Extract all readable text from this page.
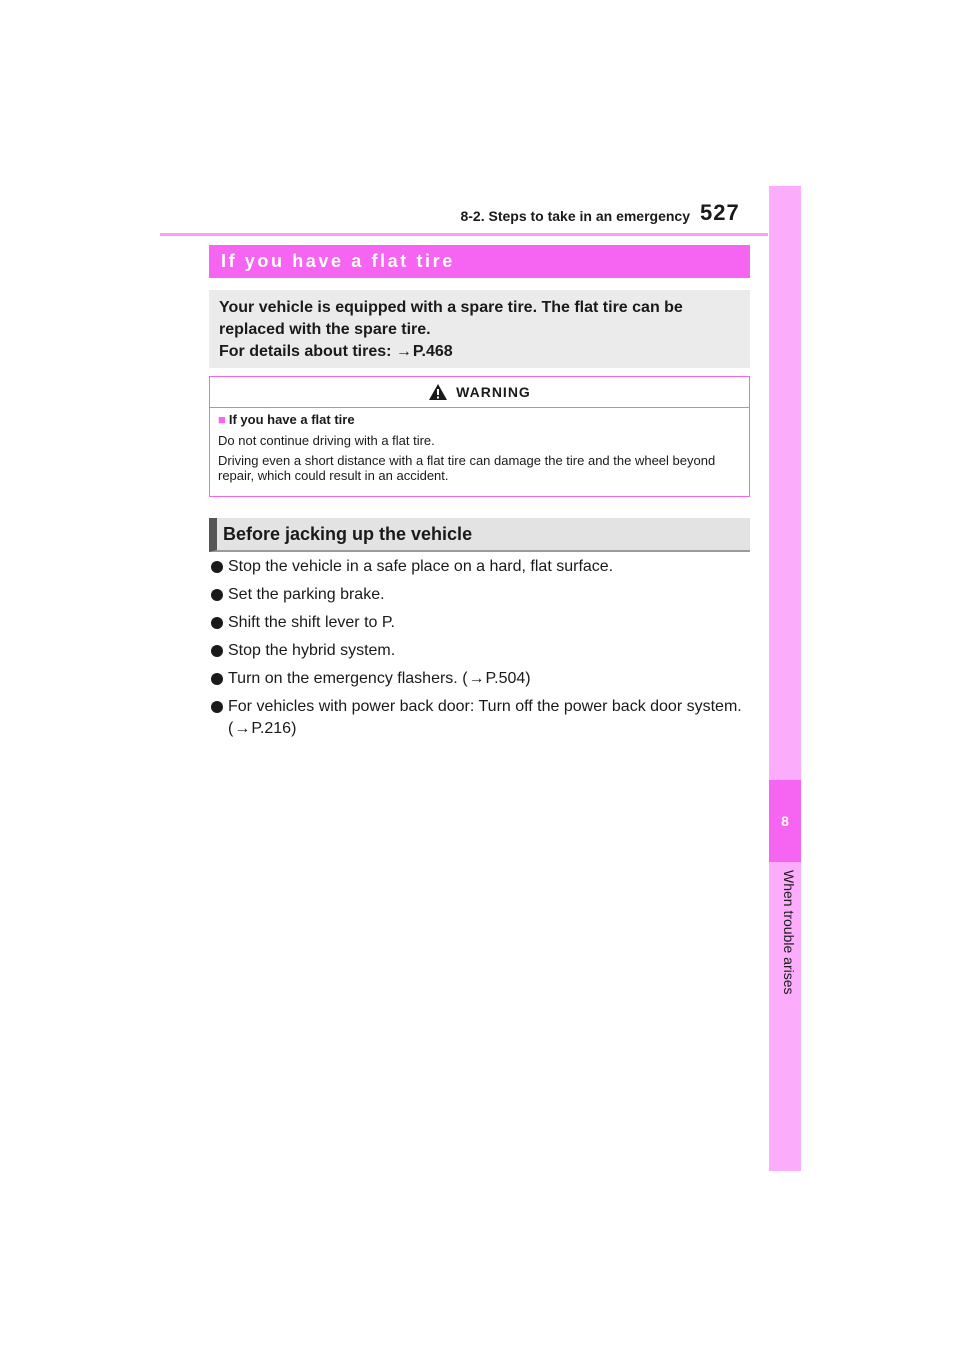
8-2. Steps to take in an emergency 527
8
When trouble arises
If you have a flat tire

Your vehicle is equipped with a spare tire. The flat tire can be

replaced with the spare tire.

For details about tires: →P.468

WARNING

■ If you have a flat tire

Do not continue driving with a flat tire.

Driving even a short distance with a flat tire can damage the tire and the wheel beyond repair, which could result in an accident.

Before jacking up the vehicle
Stop the vehicle in a safe place on a hard, flat surface.
Set the parking brake.
Shift the shift lever to P.
Stop the hybrid system.
Turn on the emergency flashers. (→P.504)
For vehicles with power back door: Turn off the power back door system. (→P.216)
